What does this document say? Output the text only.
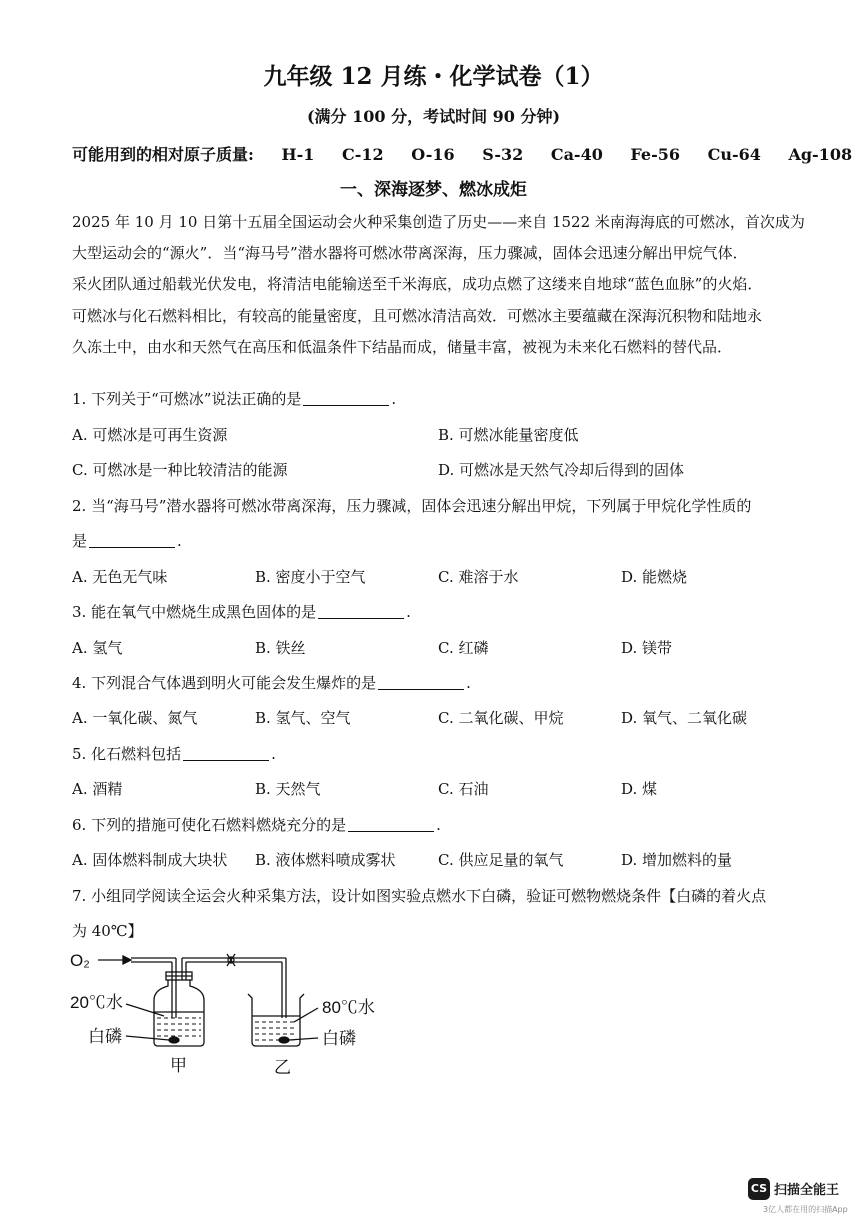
九年级 12 月练・化学试卷（1）
(满分 100 分，考试时间 90 分钟)
可能用到的相对原子质量: H-1 C-12 O-16 S-32 Ca-40 Fe-56 Cu-64 Ag-108
一、深海逐梦、燃冰成炬
2025 年 10 月 10 日第十五届全国运动会火种采集创造了历史——来自 1522 米南海海底的可燃冰，首次成为
大型运动会的“源火”．当“海马号”潜水器将可燃冰带离深海，压力骤减，固体会迅速分解出甲烷气体．
采火团队通过船载光伏发电，将清洁电能输送至千米海底，成功点燃了这缕来自地球“蓝色血脉”的火焰．
可燃冰与化石燃料相比，有较高的能量密度，且可燃冰清洁高效．可燃冰主要蕴藏在深海沉积物和陆地永
久冻土中，由水和天然气在高压和低温条件下结晶而成，储量丰富，被视为未来化石燃料的替代品．
1. 下列关于“可燃冰”说法正确的是	.
A. 可燃冰是可再生资源	B. 可燃冰能量密度低
C. 可燃冰是一种比较清洁的能源	D. 可燃冰是天然气冷却后得到的固体
2. 当“海马号”潜水器将可燃冰带离深海，压力骤减，固体会迅速分解出甲烷，下列属于甲烷化学性质的
是	.
A. 无色无气味	B. 密度小于空气	C. 难溶于水	D. 能燃烧
3. 能在氧气中燃烧生成黑色固体的是	.
A. 氢气	B. 铁丝	C. 红磷	D. 镁带
4. 下列混合气体遇到明火可能会发生爆炸的是	.
A. 一氧化碳、氮气	B. 氢气、空气	C. 二氧化碳、甲烷	D. 氧气、二氧化碳
5. 化石燃料包括	.
A. 酒精	B. 天然气	C. 石油	D. 煤
6. 下列的措施可使化石燃料燃烧充分的是	.
A. 固体燃料制成大块状 B. 液体燃料喷成雾状	C. 供应足量的氧气	D. 增加燃料的量
7. 小组同学阅读全运会火种采集方法，设计如图实验点燃水下白磷，验证可燃物燃烧条件【白磷的着火点
为 40℃】
O₂
20℃水
白磷
甲
80℃水
白磷
乙
CS 扫描全能王
3亿人都在用的扫描App
